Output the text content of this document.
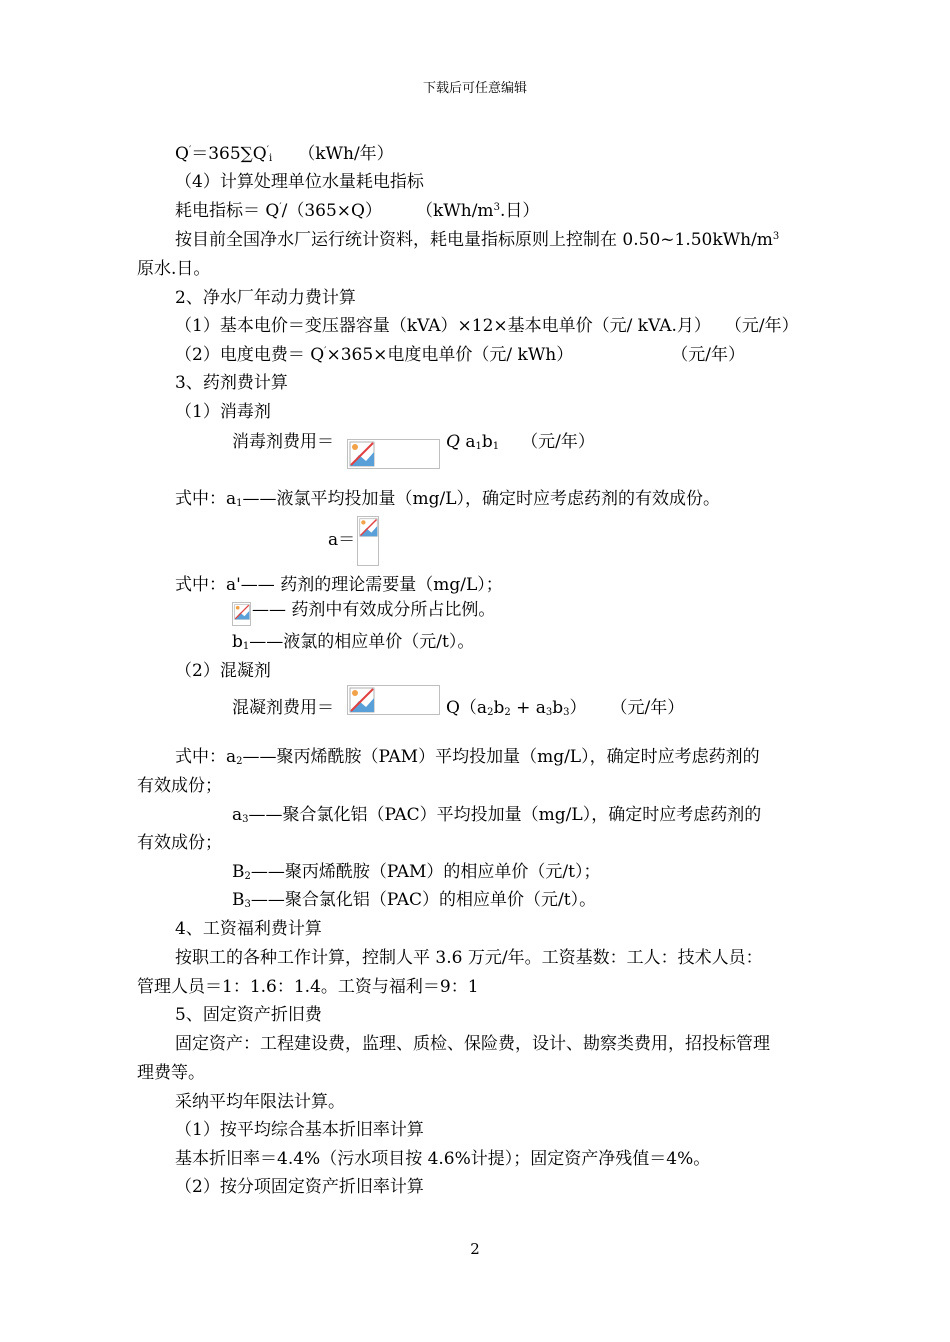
下载后可任意编辑
$Q'=365\sum Q'_i$ （kWh/年）
（4）计算处理单位水量耗电指标
耗电指标＝ Q′/（365×Q） （$kWh/m^3$.日）
按目前全国净水厂运行统计资料，耗电量指标原则上控制在 $0.50\sim 1.50kWh/m^3$
原水.日。
2、净水厂年动力费计算
（1）基本电价＝变压器容量（kVA）×12×基本电单价（元/ kVA.月） （元/年）
（2）电度电费＝ Q′×365×电度电单价（元/ kWh）	（元/年）
3、药剂费计算
（1）消毒剂
消毒剂费用＝	Q $a_1b_1$ （元/年）
式中：$a_1——$液氯平均投加量（mg/L），确定时应考虑药剂的有效成份。
a＝
式中：a'—— 药剂的理论需要量（mg/L）；
—— 药剂中有效成分所占比例。
$b_1——$液氯的相应单价（元/t）。
（2）混凝剂
混凝剂费用＝	$Q(a_2b_2 + a_3b_3)$ （元/年）
式中：$a_2——$聚丙烯酰胺（PAM）平均投加量（mg/L），确定时应考虑药剂的
有效成份；
$a_3——$聚合氯化铝（PAC）平均投加量（mg/L），确定时应考虑药剂的
有效成份；
$B_2——$聚丙烯酰胺（PAM）的相应单价（元/t）；
$B_3——$聚合氯化铝（PAC）的相应单价（元/t）。
4、工资福利费计算
按职工的各种工作计算，控制人平 3.6 万元/年。工资基数：工人：技术人员：
管理人员＝1：1.6：1.4。工资与福利＝9：1
5、固定资产折旧费
固定资产：工程建设费，监理、质检、保险费，设计、勘察类费用，招投标管理
理费等。
采纳平均年限法计算。
（1）按平均综合基本折旧率计算
基本折旧率＝4.4%（污水项目按 4.6%计提）；固定资产净残值＝4%。
（2）按分项固定资产折旧率计算
2
